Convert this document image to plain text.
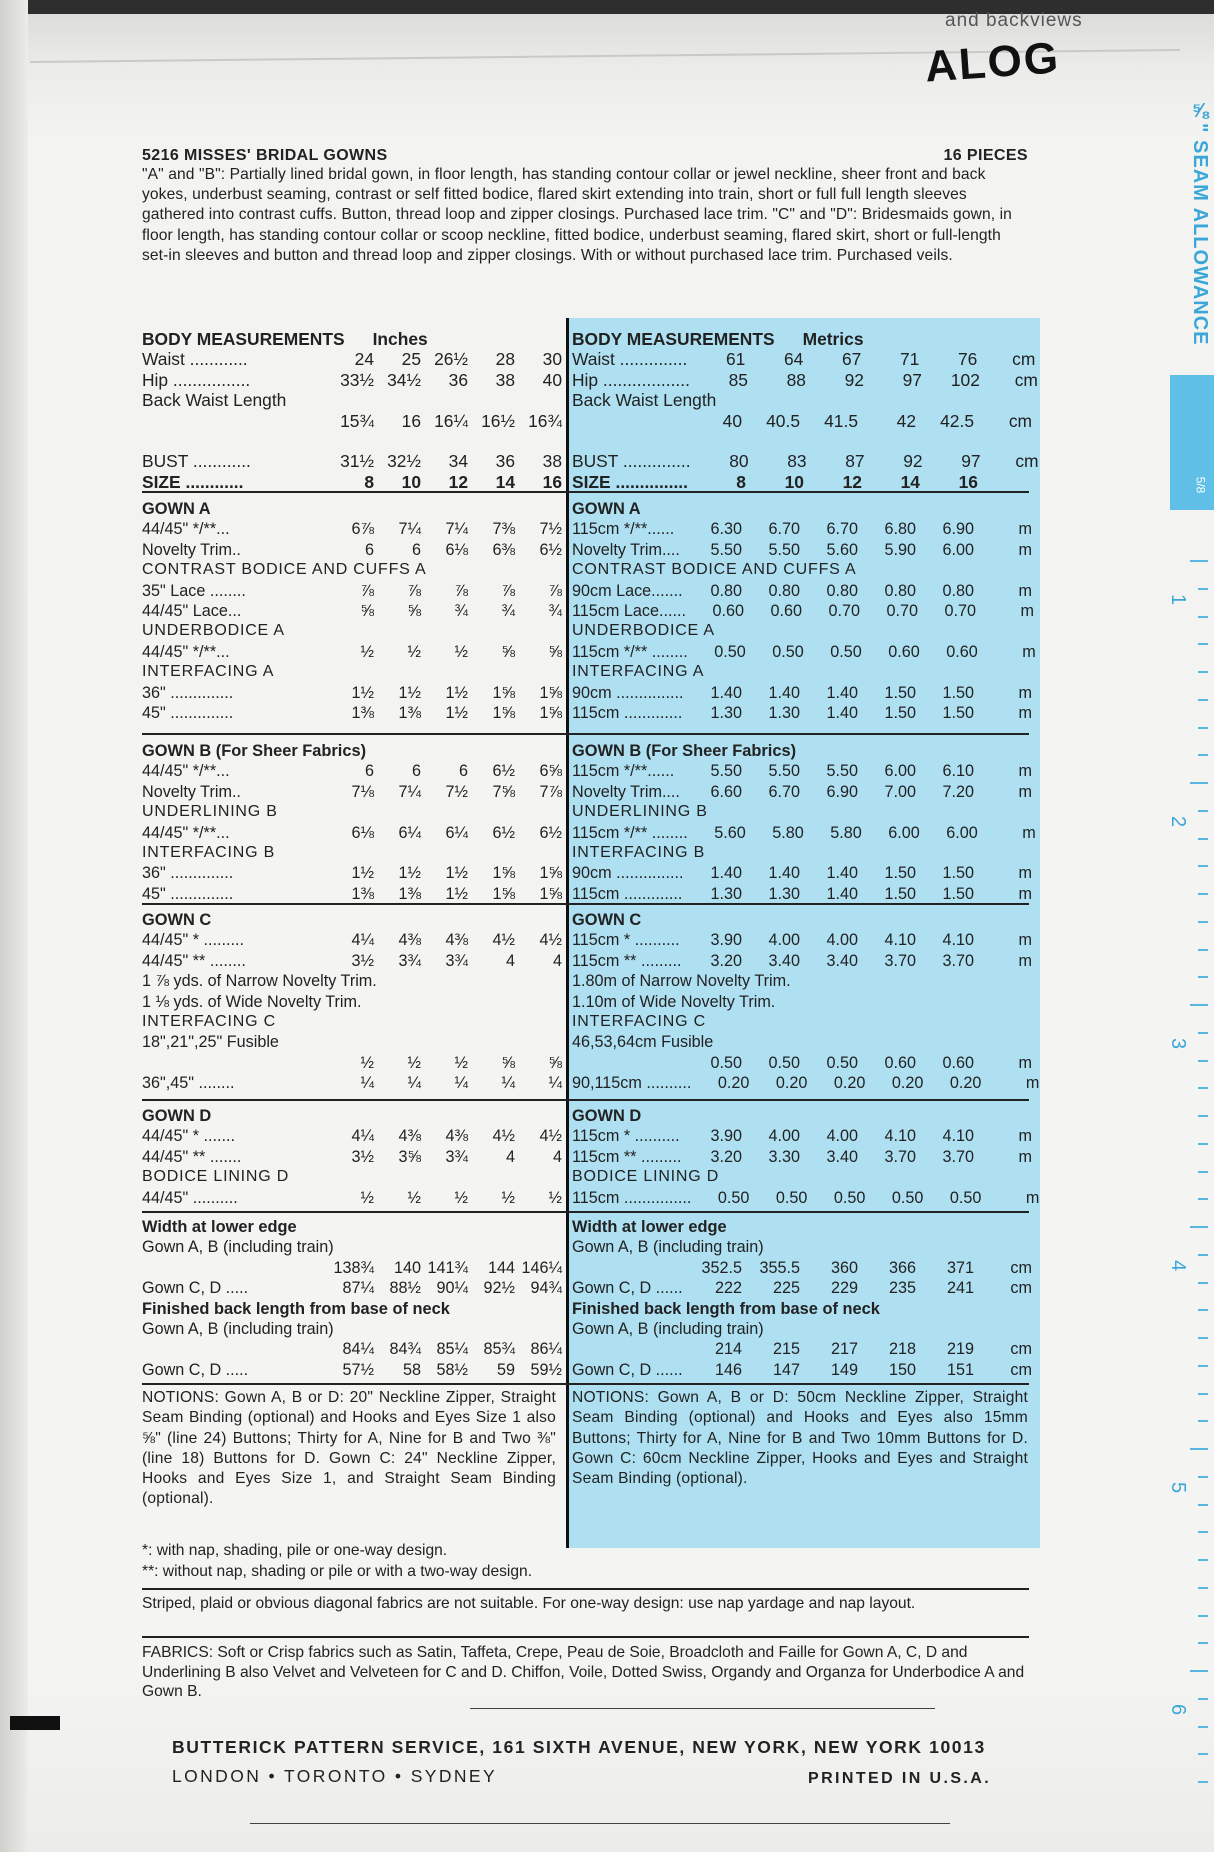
and backviews
ALOG
⅝" SEAM ALLOWANCE
5/8
1
2
3
4
5
6
5216 MISSES' BRIDAL GOWNS	16 PIECES
"A" and "B": Partially lined bridal gown, in floor length, has standing contour collar or jewel neckline, sheer front and back yokes, underbust seaming, contrast or self fitted bodice, flared skirt extending into train, short or full full length sleeves gathered into contrast cuffs. Button, thread loop and zipper closings. Purchased lace trim. "C" and "D": Bridesmaids gown, in floor length, has standing contour collar or scoop neckline, fitted bodice, underbust seaming, flared skirt, short or full-length set-in sleeves and button and thread loop and zipper closings. With or without purchased lace trim. Purchased veils.
BODY MEASUREMENTS Inches
Waist ............	24	25 26½	28	30
Hip ................	33½ 34½	36	38	40
Back Waist Length
15¾	16 16¼ 16½ 16¾
BUST ............	31½ 32½	34	36	38
SIZE ............	8	10	12	14	16
GOWN A
44/45" */**...	6⅞	7¼	7¼	7⅜	7½
Novelty Trim..	6	6	6⅛	6⅜	6½
CONTRAST BODICE AND CUFFS A
35" Lace ........	⅞	⅞	⅞	⅞	⅞
44/45" Lace...	⅝	⅝	¾	¾	¾
UNDERBODICE A
44/45" */**...	½	½	½	⅝	⅝
INTERFACING A
36" ..............	1½	1½	1½	1⅝	1⅝
45" ..............	1⅜	1⅜	1½	1⅝	1⅝
GOWN B (For Sheer Fabrics)
44/45" */**...	6	6	6	6½	6⅝
Novelty Trim..	7⅛	7¼	7½	7⅝	7⅞
UNDERLINING B
44/45" */**...	6⅛	6¼	6¼	6½	6½
INTERFACING B
36" ..............	1½	1½	1½	1⅝	1⅝
45" ..............	1⅜	1⅜	1½	1⅝	1⅝
GOWN C
44/45" * .........	4¼	4⅜	4⅜	4½	4½
44/45" ** ........	3½	3¾	3¾	4	4
1 ⅞ yds. of Narrow Novelty Trim.
1 ⅛ yds. of Wide Novelty Trim.
INTERFACING C
18",21",25" Fusible
½	½	½	⅝	⅝
36",45" ........	¼	¼	¼	¼	¼
GOWN D
44/45" * .......	4¼	4⅜	4⅜	4½	4½
44/45" ** .......	3½	3⅝	3¾	4	4
BODICE LINING D
44/45" ..........	½	½	½	½	½
Width at lower edge
Gown A, B (including train)
138¾	140 141¾	144 146¼
Gown C, D .....	87¼ 88½ 90¼ 92½ 94¾
Finished back length from base of neck
Gown A, B (including train)
84¼ 84¾ 85¼ 85¾ 86¼
Gown C, D .....	57½	58 58½	59 59½
NOTIONS: Gown A, B or D: 20" Neckline Zipper, Straight Seam Binding (optional) and Hooks and Eyes Size 1 also ⅝" (line 24) Buttons; Thirty for A, Nine for B and Two ⅜" (line 18) Buttons for D. Gown C: 24" Neckline Zipper, Hooks and Eyes Size 1, and Straight Seam Binding (optional).
BODY MEASUREMENTS Metrics
Waist ..............	61	64	67	71	76	cm
Hip ..................	85	88	92	97	102	cm
Back Waist Length
40	40.5	41.5	42	42.5	cm
BUST ..............	80	83	87	92	97	cm
SIZE ...............	8	10	12	14	16
GOWN A
115cm */**......	6.30	6.70	6.70	6.80	6.90	m
Novelty Trim....	5.50	5.50	5.60	5.90	6.00	m
CONTRAST BODICE AND CUFFS A
90cm Lace.......	0.80	0.80	0.80	0.80	0.80	m
115cm Lace......	0.60	0.60	0.70	0.70	0.70	m
UNDERBODICE A
115cm */** ........	0.50	0.50	0.50	0.60	0.60	m
INTERFACING A
90cm ...............	1.40	1.40	1.40	1.50	1.50	m
115cm .............	1.30	1.30	1.40	1.50	1.50	m
GOWN B (For Sheer Fabrics)
115cm */**......	5.50	5.50	5.50	6.00	6.10	m
Novelty Trim....	6.60	6.70	6.90	7.00	7.20	m
UNDERLINING B
115cm */** ........	5.60	5.80	5.80	6.00	6.00	m
INTERFACING B
90cm ...............	1.40	1.40	1.40	1.50	1.50	m
115cm .............	1.30	1.30	1.40	1.50	1.50	m
GOWN C
115cm * ..........	3.90	4.00	4.00	4.10	4.10	m
115cm ** .........	3.20	3.40	3.40	3.70	3.70	m
1.80m of Narrow Novelty Trim.
1.10m of Wide Novelty Trim.
INTERFACING C
46,53,64cm Fusible
0.50	0.50	0.50	0.60	0.60	m
90,115cm ..........	0.20	0.20	0.20	0.20	0.20	m
GOWN D
115cm * ..........	3.90	4.00	4.00	4.10	4.10	m
115cm ** .........	3.20	3.30	3.40	3.70	3.70	m
BODICE LINING D
115cm ...............	0.50	0.50	0.50	0.50	0.50	m
Width at lower edge
Gown A, B (including train)
352.5	355.5	360	366	371	cm
Gown C, D ......	222	225	229	235	241	cm
Finished back length from base of neck
Gown A, B (including train)
214	215	217	218	219	cm
Gown C, D ......	146	147	149	150	151	cm
NOTIONS: Gown A, B or D: 50cm Neckline Zipper, Straight Seam Binding (optional) and Hooks and Eyes also 15mm Buttons; Thirty for A, Nine for B and Two 10mm Buttons for D. Gown C: 60cm Neckline Zipper, Hooks and Eyes and Straight Seam Binding (optional).
*: with nap, shading, pile or one-way design.
**: without nap, shading or pile or with a two-way design.
Striped, plaid or obvious diagonal fabrics are not suitable. For one-way design: use nap yardage and nap layout.
FABRICS: Soft or Crisp fabrics such as Satin, Taffeta, Crepe, Peau de Soie, Broadcloth and Faille for Gown A, C, D and Underlining B also Velvet and Velveteen for C and D. Chiffon, Voile, Dotted Swiss, Organdy and Organza for Underbodice A and Gown B.
BUTTERICK PATTERN SERVICE, 161 SIXTH AVENUE, NEW YORK, NEW YORK 10013
LONDON • TORONTO • SYDNEY	PRINTED IN U.S.A.
